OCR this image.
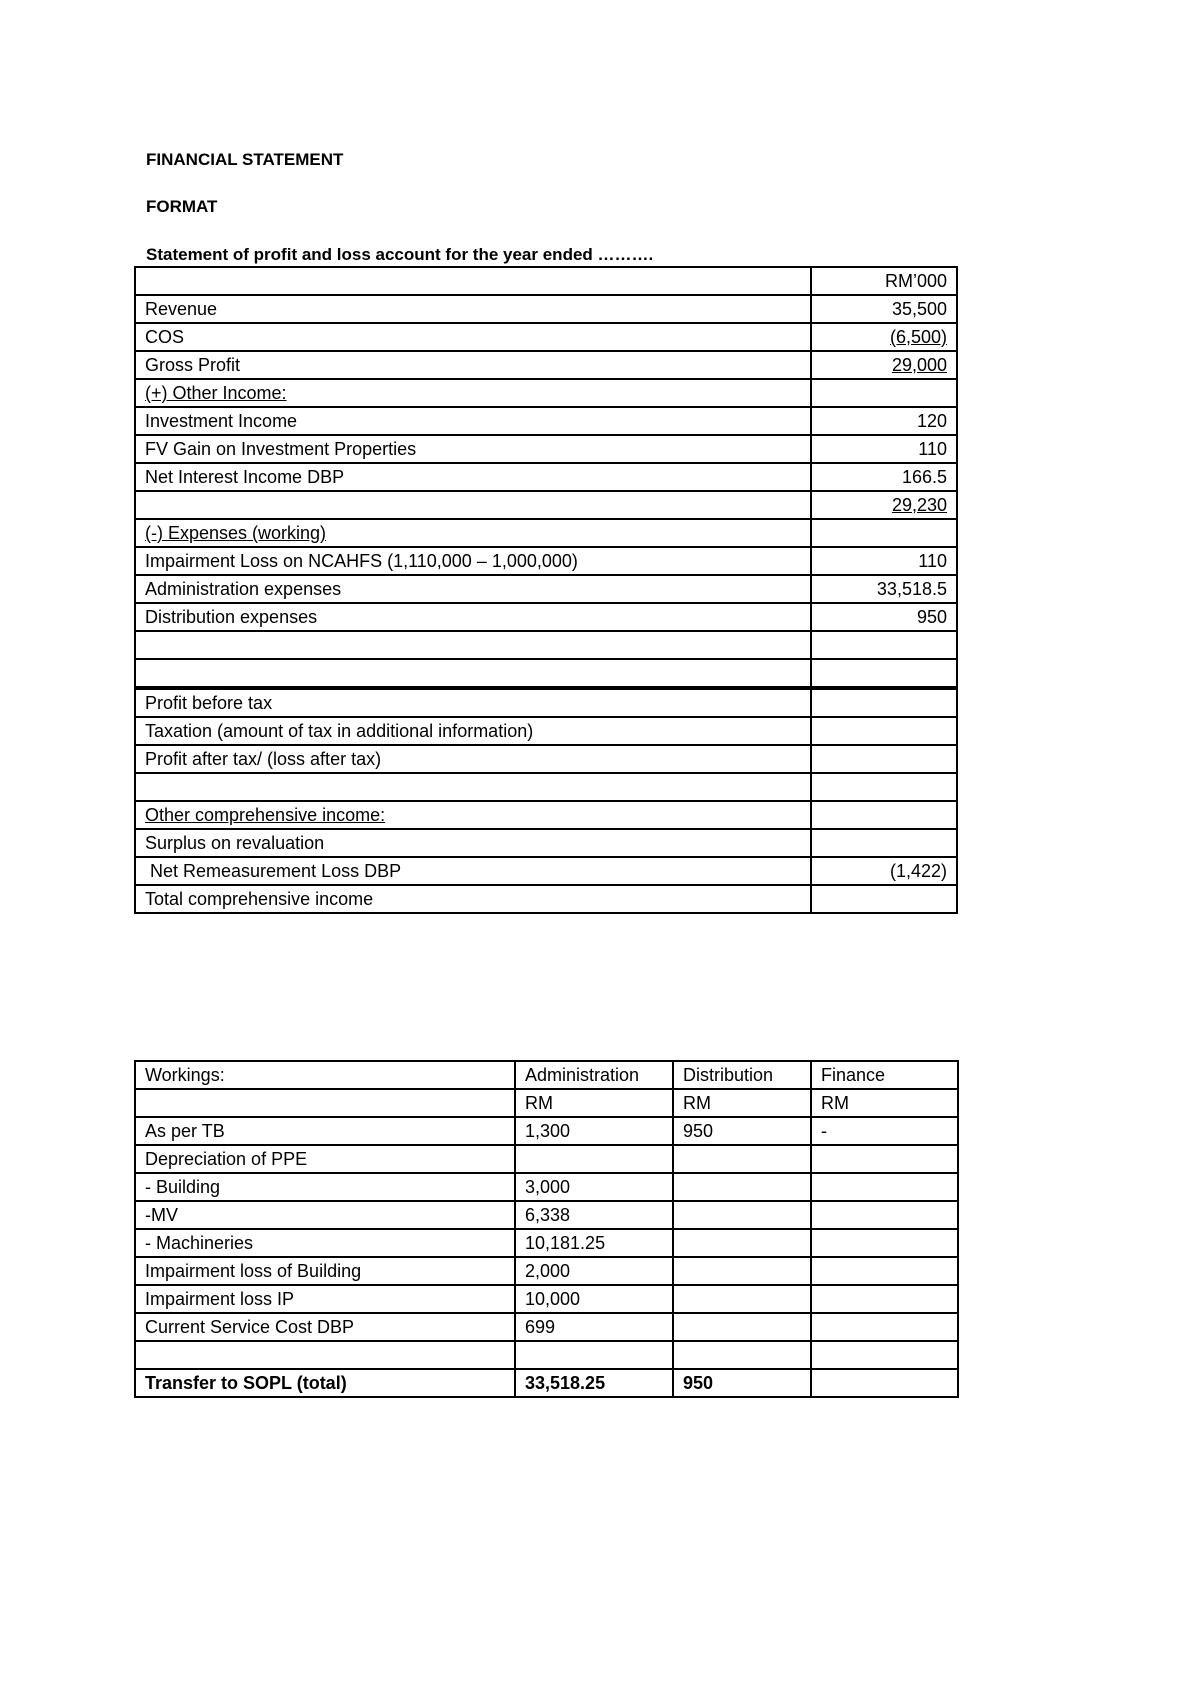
FINANCIAL STATEMENT

FORMAT

Statement of profit and loss account for the year ended ……….

	RM’000
Revenue	35,500
COS	(6,500)
Gross Profit	29,000
(+) Other Income:	
Investment Income	120
FV Gain on Investment Properties	110
Net Interest Income DBP	166.5
	29,230
(-) Expenses (working)	
Impairment Loss on NCAHFS (1,110,000 – 1,000,000)	110
Administration expenses	33,518.5
Distribution expenses	950

Profit before tax	
Taxation (amount of tax in additional information)	
Profit after tax/ (loss after tax)	

Other comprehensive income:	
Surplus on revaluation	
Net Remeasurement Loss DBP	(1,422)
Total comprehensive income	
Workings:	Administration	Distribution	Finance
	RM	RM	RM
As per TB	1,300	950	-
Depreciation of PPE			
- Building	3,000		
-MV	6,338		
- Machineries	10,181.25		
Impairment loss of Building	2,000		
Impairment loss IP	10,000		
Current Service Cost DBP	699		

Transfer to SOPL (total)	33,518.25	950	
